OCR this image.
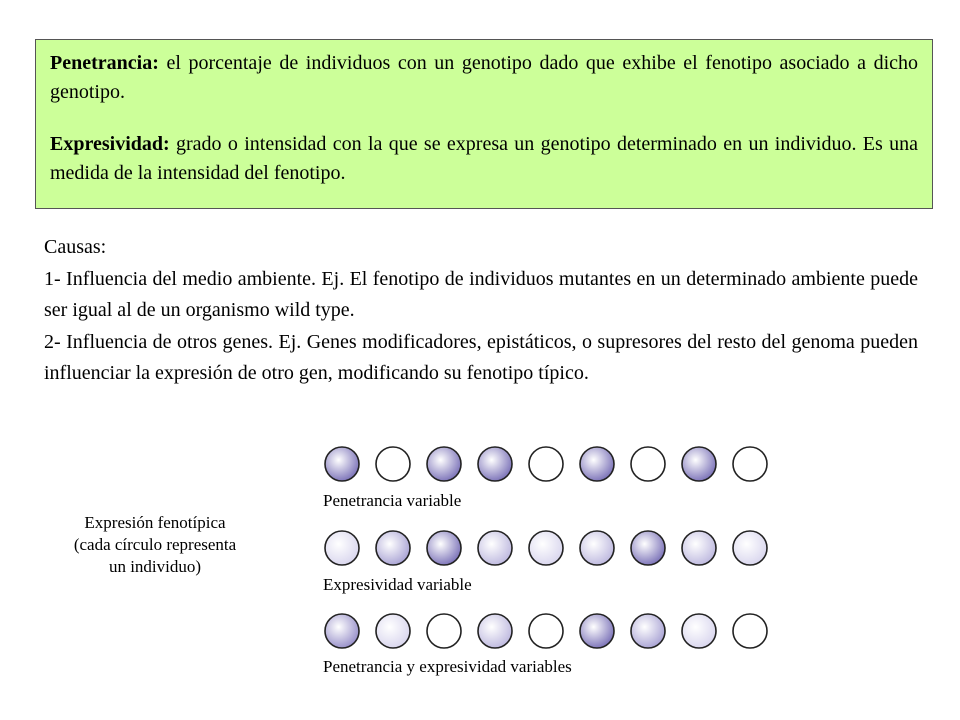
Penetrancia: el porcentaje de individuos con un genotipo dado que exhibe el fenotipo asociado a dicho genotipo.

Expresividad: grado o intensidad con la que se expresa un genotipo determinado en un individuo. Es una medida de la intensidad del fenotipo.

Causas:

1- Influencia del medio ambiente. Ej. El fenotipo de individuos mutantes en un determinado ambiente puede ser igual al de un organismo wild type.

2- Influencia de otros genes. Ej. Genes modificadores, epistáticos, o supresores del resto del genoma pueden influenciar la expresión de otro gen, modificando su fenotipo típico.

Expresión fenotípica
(cada círculo representa
un individuo)
Penetrancia variable
Expresividad variable
Penetrancia y expresividad variables
